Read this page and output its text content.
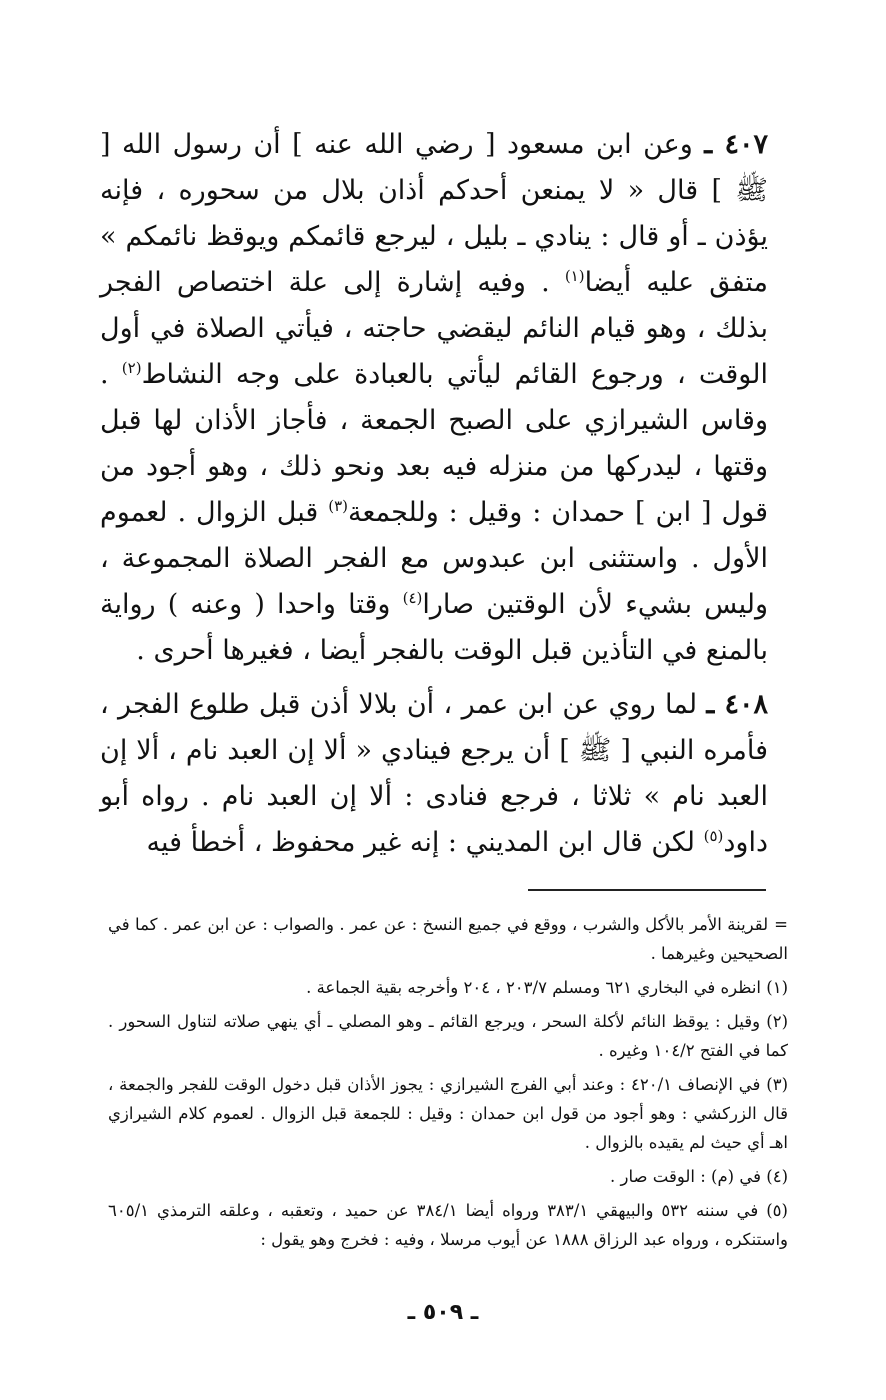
٤٠٧ ـ وعن ابن مسعود [ رضي الله عنه ] أن رسول الله [ ﷺ ] قال « لا يمنعن أحدكم أذان بلال من سحوره ، فإنه يؤذن ـ أو قال : ينادي ـ بليل ، ليرجع قائمكم ويوقظ نائمكم » متفق عليه أيضا$^{(١)}$ . وفيه إشارة إلى علة اختصاص الفجر بذلك ، وهو قيام النائم ليقضي حاجته ، فيأتي الصلاة في أول الوقت ، ورجوع القائم ليأتي بالعبادة على وجه النشاط$^{(٢)}$ . وقاس الشيرازي على الصبح الجمعة ، فأجاز الأذان لها قبل وقتها ، ليدركها من منزله فيه بعد ونحو ذلك ، وهو أجود من قول [ ابن ] حمدان : وقيل : وللجمعة$^{(٣)}$ قبل الزوال . لعموم الأول . واستثنى ابن عبدوس مع الفجر الصلاة المجموعة ، وليس بشيء لأن الوقتين صارا$^{(٤)}$ وقتا واحدا ( وعنه ) رواية بالمنع في التأذين قبل الوقت بالفجر أيضا ، فغيرها أحرى .

٤٠٨ ـ لما روي عن ابن عمر ، أن بلالا أذن قبل طلوع الفجر ، فأمره النبي [ ﷺ ] أن يرجع فينادي « ألا إن العبد نام ، ألا إن العبد نام » ثلاثا ، فرجع فنادى : ألا إن العبد نام . رواه أبو داود$^{(٥)}$ لكن قال ابن المديني : إنه غير محفوظ ، أخطأ فيه

=لقرينة الأمر بالأكل والشرب ، ووقع في جميع النسخ : عن عمر . والصواب : عن ابن عمر . كما في الصحيحين وغيرهما .

(١) انظره في البخاري ٦٢١ ومسلم ٢٠٣/٧ ، ٢٠٤ وأخرجه بقية الجماعة .

(٢) وقيل : يوقظ النائم لأكلة السحر ، ويرجع القائم ـ وهو المصلي ـ أي ينهي صلاته لتناول السحور . كما في الفتح ١٠٤/٢ وغيره .

(٣) في الإنصاف ٤٢٠/١ : وعند أبي الفرج الشيرازي : يجوز الأذان قبل دخول الوقت للفجر والجمعة ، قال الزركشي : وهو أجود من قول ابن حمدان : وقيل : للجمعة قبل الزوال . لعموم كلام الشيرازي اهـ أي حيث لم يقيده بالزوال .

(٤) في (م) : الوقت صار .

(٥) في سننه ٥٣٢ والبيهقي ٣٨٣/١ ورواه أيضا ٣٨٤/١ عن حميد ، وتعقبه ، وعلقه الترمذي ٦٠٥/١ واستنكره ، ورواه عبد الرزاق ١٨٨٨ عن أيوب مرسلا ، وفيه : فخرج وهو يقول :

ـ ٥٠٩ ـ
